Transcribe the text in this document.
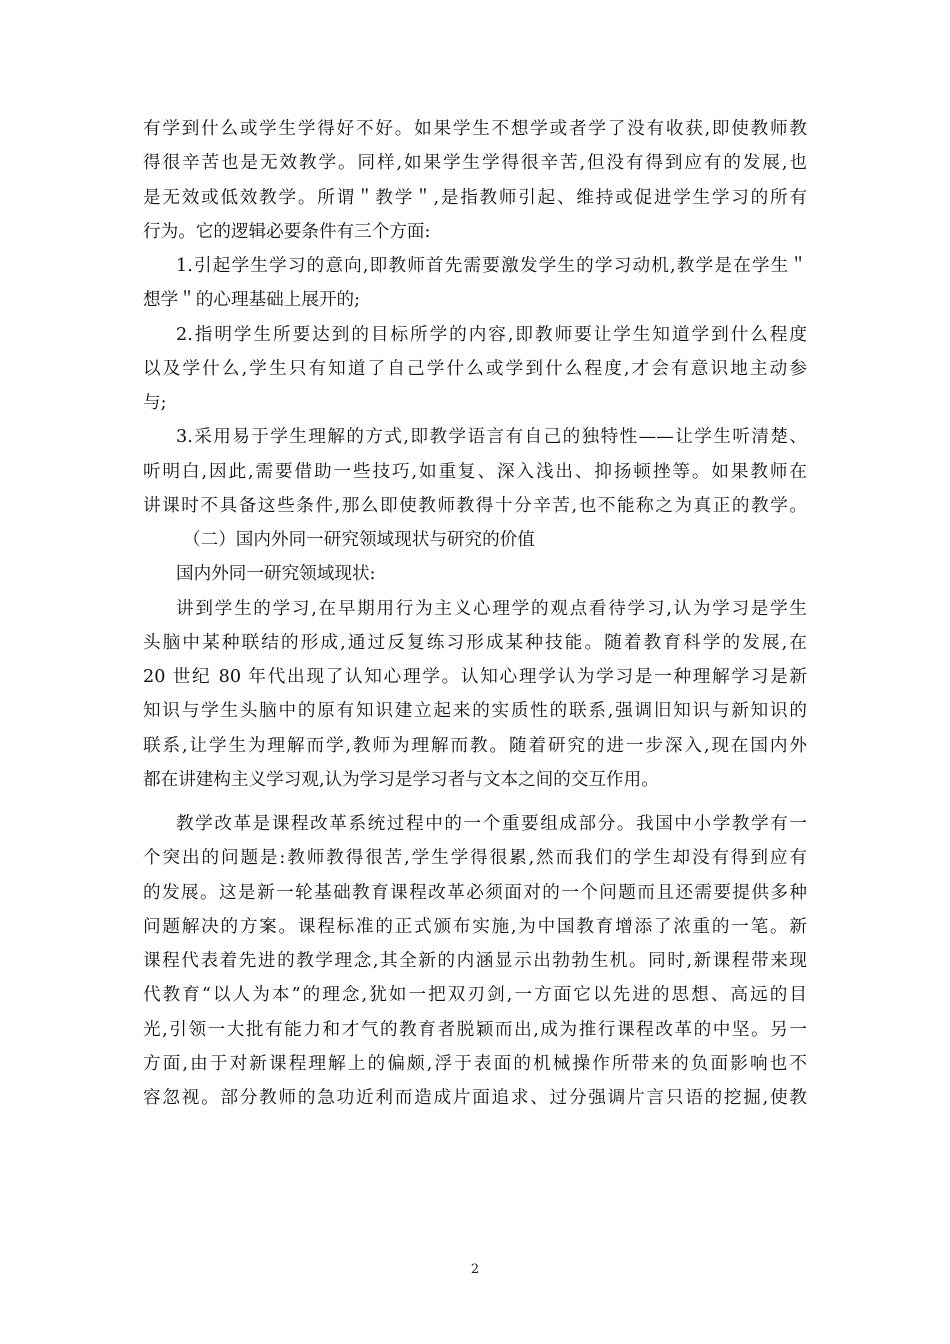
有学到什么或学生学得好不好。如果学生不想学或者学了没有收获,即使教师教
得很辛苦也是无效教学。同样,如果学生学得很辛苦,但没有得到应有的发展,也
是无效或低效教学。所谓＂教学＂,是指教师引起、维持或促进学生学习的所有
行为。它的逻辑必要条件有三个方面:
1.引起学生学习的意向,即教师首先需要激发学生的学习动机,教学是在学生＂
想学＂的心理基础上展开的;
2.指明学生所要达到的目标所学的内容,即教师要让学生知道学到什么程度
以及学什么,学生只有知道了自己学什么或学到什么程度,才会有意识地主动参
与;
3.采用易于学生理解的方式,即教学语言有自己的独特性——让学生听清楚、
听明白,因此,需要借助一些技巧,如重复、深入浅出、抑扬顿挫等。如果教师在
讲课时不具备这些条件,那么即使教师教得十分辛苦,也不能称之为真正的教学。
（二）国内外同一研究领域现状与研究的价值
国内外同一研究领域现状:
讲到学生的学习,在早期用行为主义心理学的观点看待学习,认为学习是学生
头脑中某种联结的形成,通过反复练习形成某种技能。随着教育科学的发展,在
20 世纪 80 年代出现了认知心理学。认知心理学认为学习是一种理解学习是新
知识与学生头脑中的原有知识建立起来的实质性的联系,强调旧知识与新知识的
联系,让学生为理解而学,教师为理解而教。随着研究的进一步深入,现在国内外
都在讲建构主义学习观,认为学习是学习者与文本之间的交互作用。
教学改革是课程改革系统过程中的一个重要组成部分。我国中小学教学有一
个突出的问题是:教师教得很苦,学生学得很累,然而我们的学生却没有得到应有
的发展。这是新一轮基础教育课程改革必须面对的一个问题而且还需要提供多种
问题解决的方案。课程标准的正式颁布实施,为中国教育增添了浓重的一笔。新
课程代表着先进的教学理念,其全新的内涵显示出勃勃生机。同时,新课程带来现
代教育“以人为本”的理念,犹如一把双刃剑,一方面它以先进的思想、高远的目
光,引领一大批有能力和才气的教育者脱颖而出,成为推行课程改革的中坚。另一
方面,由于对新课程理解上的偏颇,浮于表面的机械操作所带来的负面影响也不
容忽视。部分教师的急功近利而造成片面追求、过分强调片言只语的挖掘,使教
2
